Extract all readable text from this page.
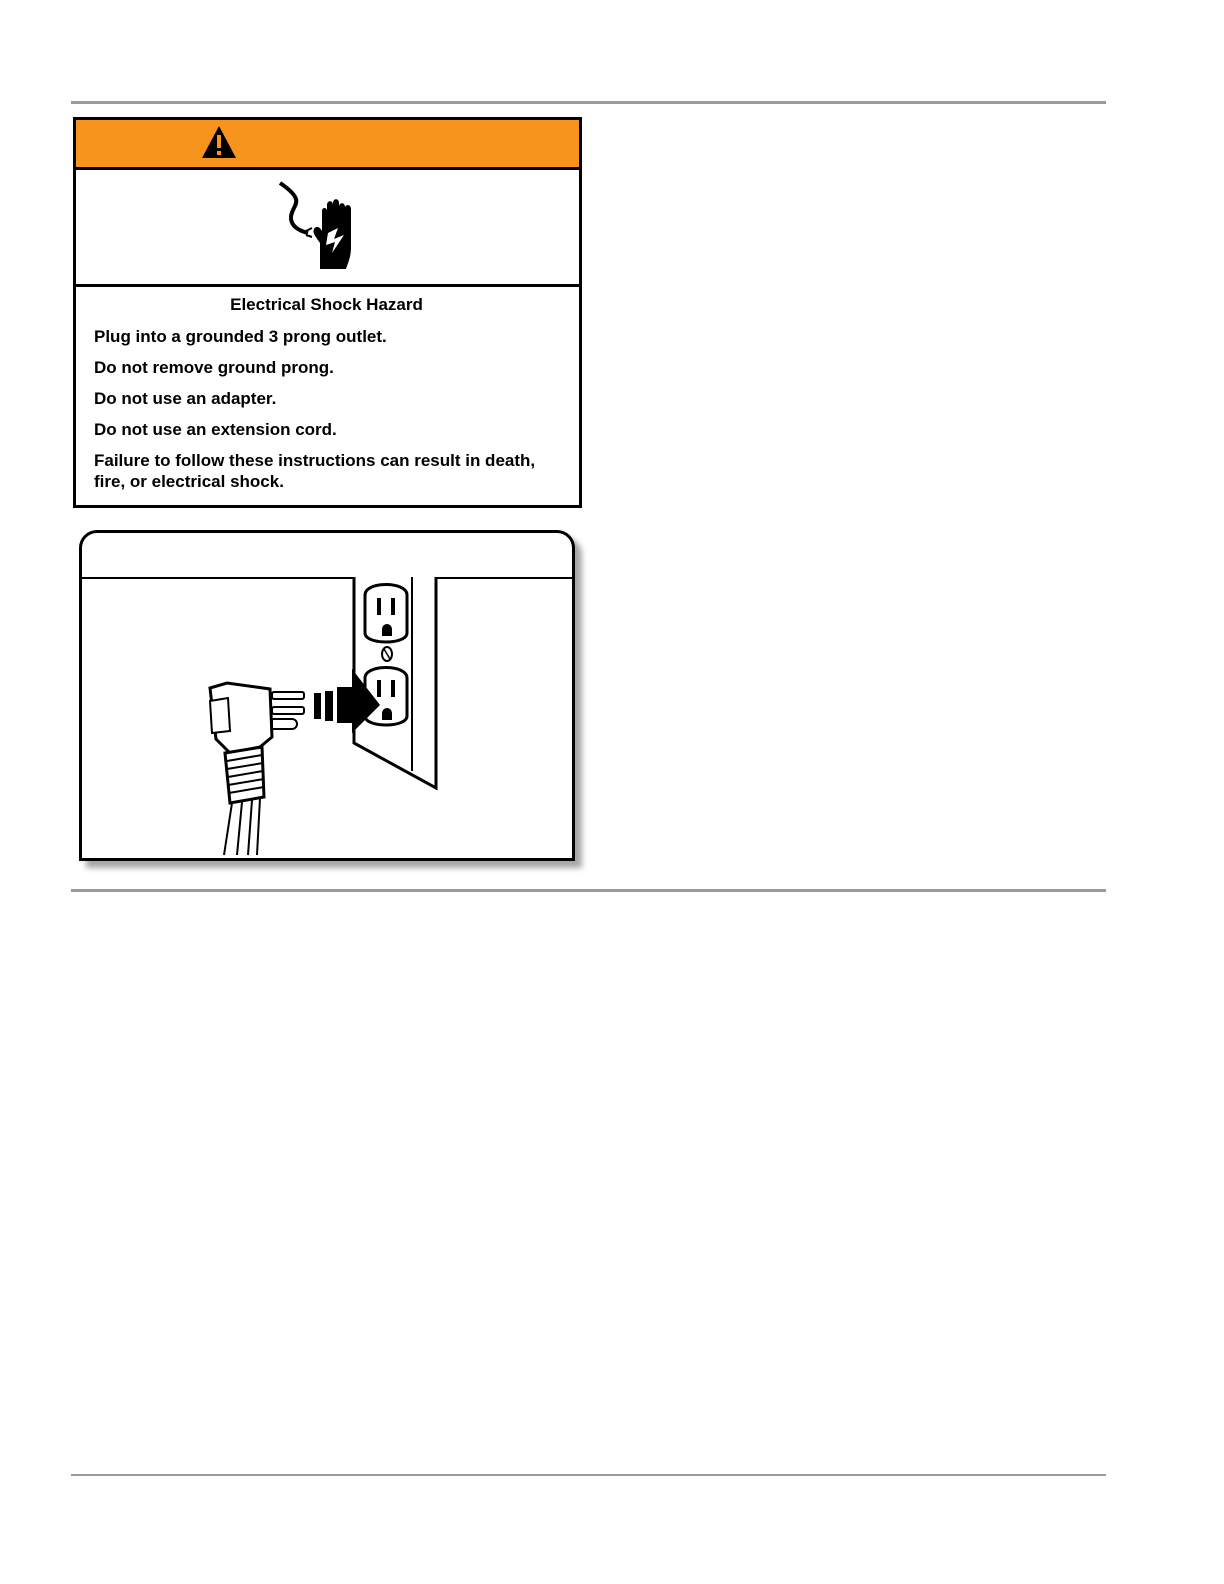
Electrical Shock Hazard
Plug into a grounded 3 prong outlet.
Do not remove ground prong.
Do not use an adapter.
Do not use an extension cord.
Failure to follow these instructions can result in death, fire, or electrical shock.
